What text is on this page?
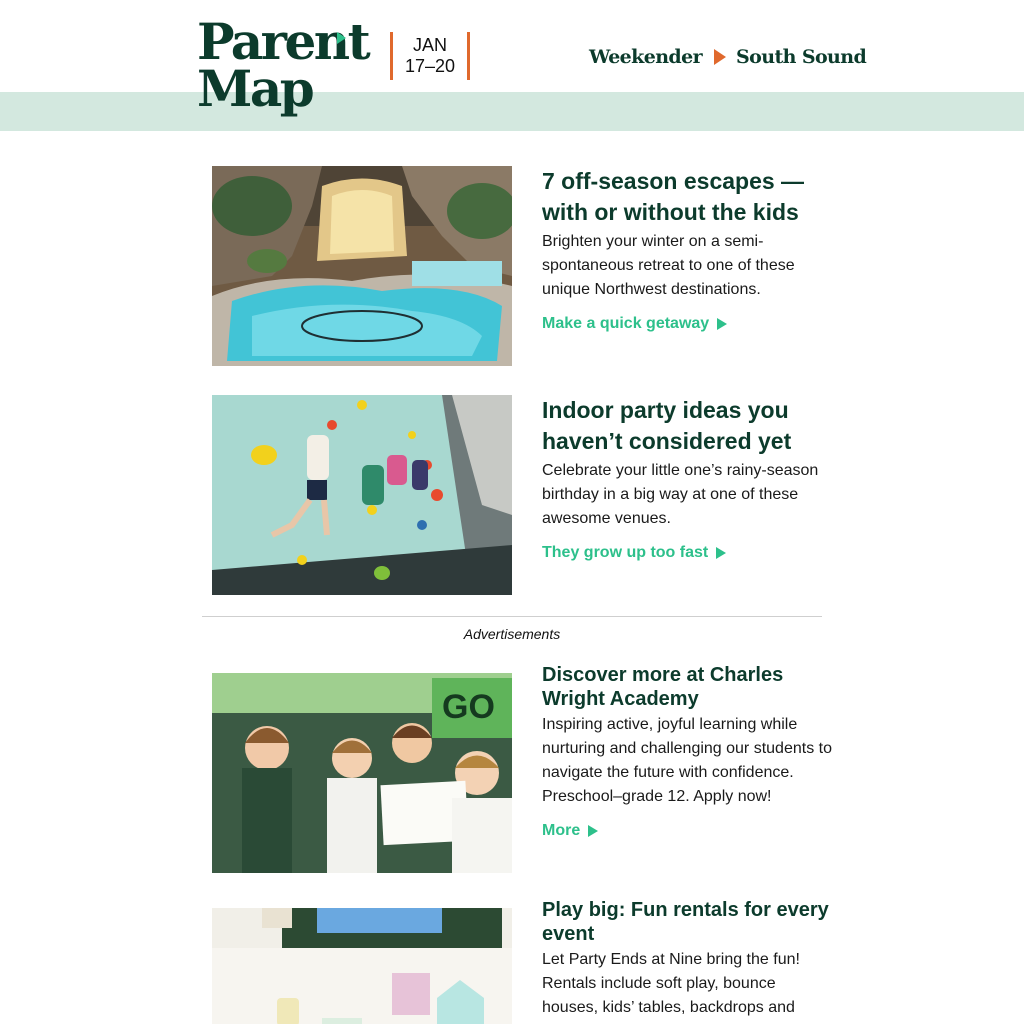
Parent
Map
JAN
17–20	Weekender South Sound
7 off-season escapes — with or without the kids
Brighten your winter on a semi-spontaneous retreat to one of these unique Northwest destinations.
Make a quick getaway
Indoor party ideas you haven’t considered yet
Celebrate your little one’s rainy-season birthday in a big way at one of these awesome venues.
They grow up too fast
Advertisements
GO
Discover more at Charles Wright Academy
Inspiring active, joyful learning while nurturing and challenging our students to navigate the future with confidence. Preschool–grade 12. Apply now!
More
Play big: Fun rentals for every event
Let Party Ends at Nine bring the fun! Rentals include soft play, bounce houses, kids’ tables, backdrops and
